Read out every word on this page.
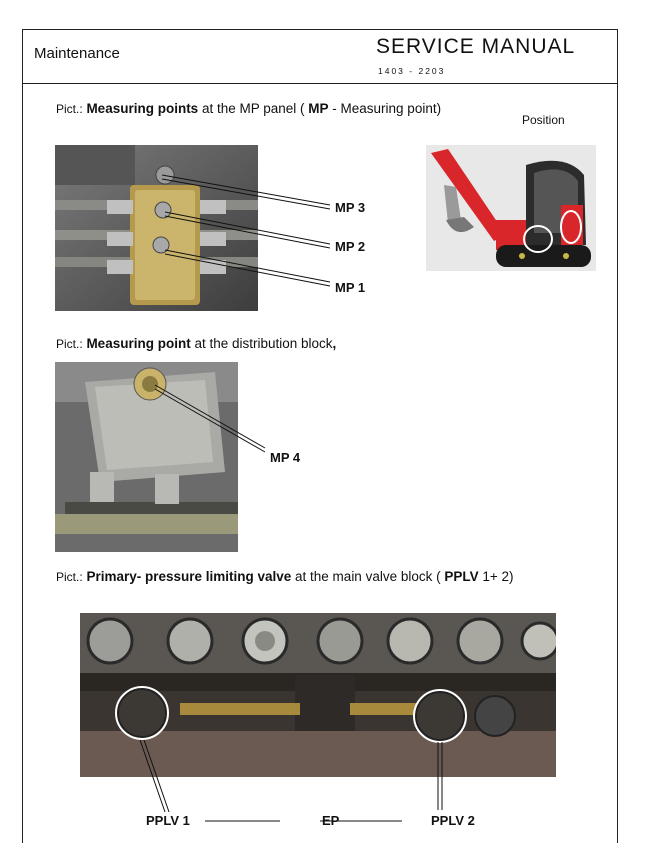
Maintenance	SERVICE MANUAL
1403 - 2203
Pict.: Measuring points at the MP panel ( MP - Measuring point)
Position
MP 3
MP 2
MP 1
Pict.: Measuring point at the distribution block,
MP 4
Pict.: Primary- pressure limiting valve at the main valve block ( PPLV 1+ 2)
PPLV 1	EP	PPLV 2
